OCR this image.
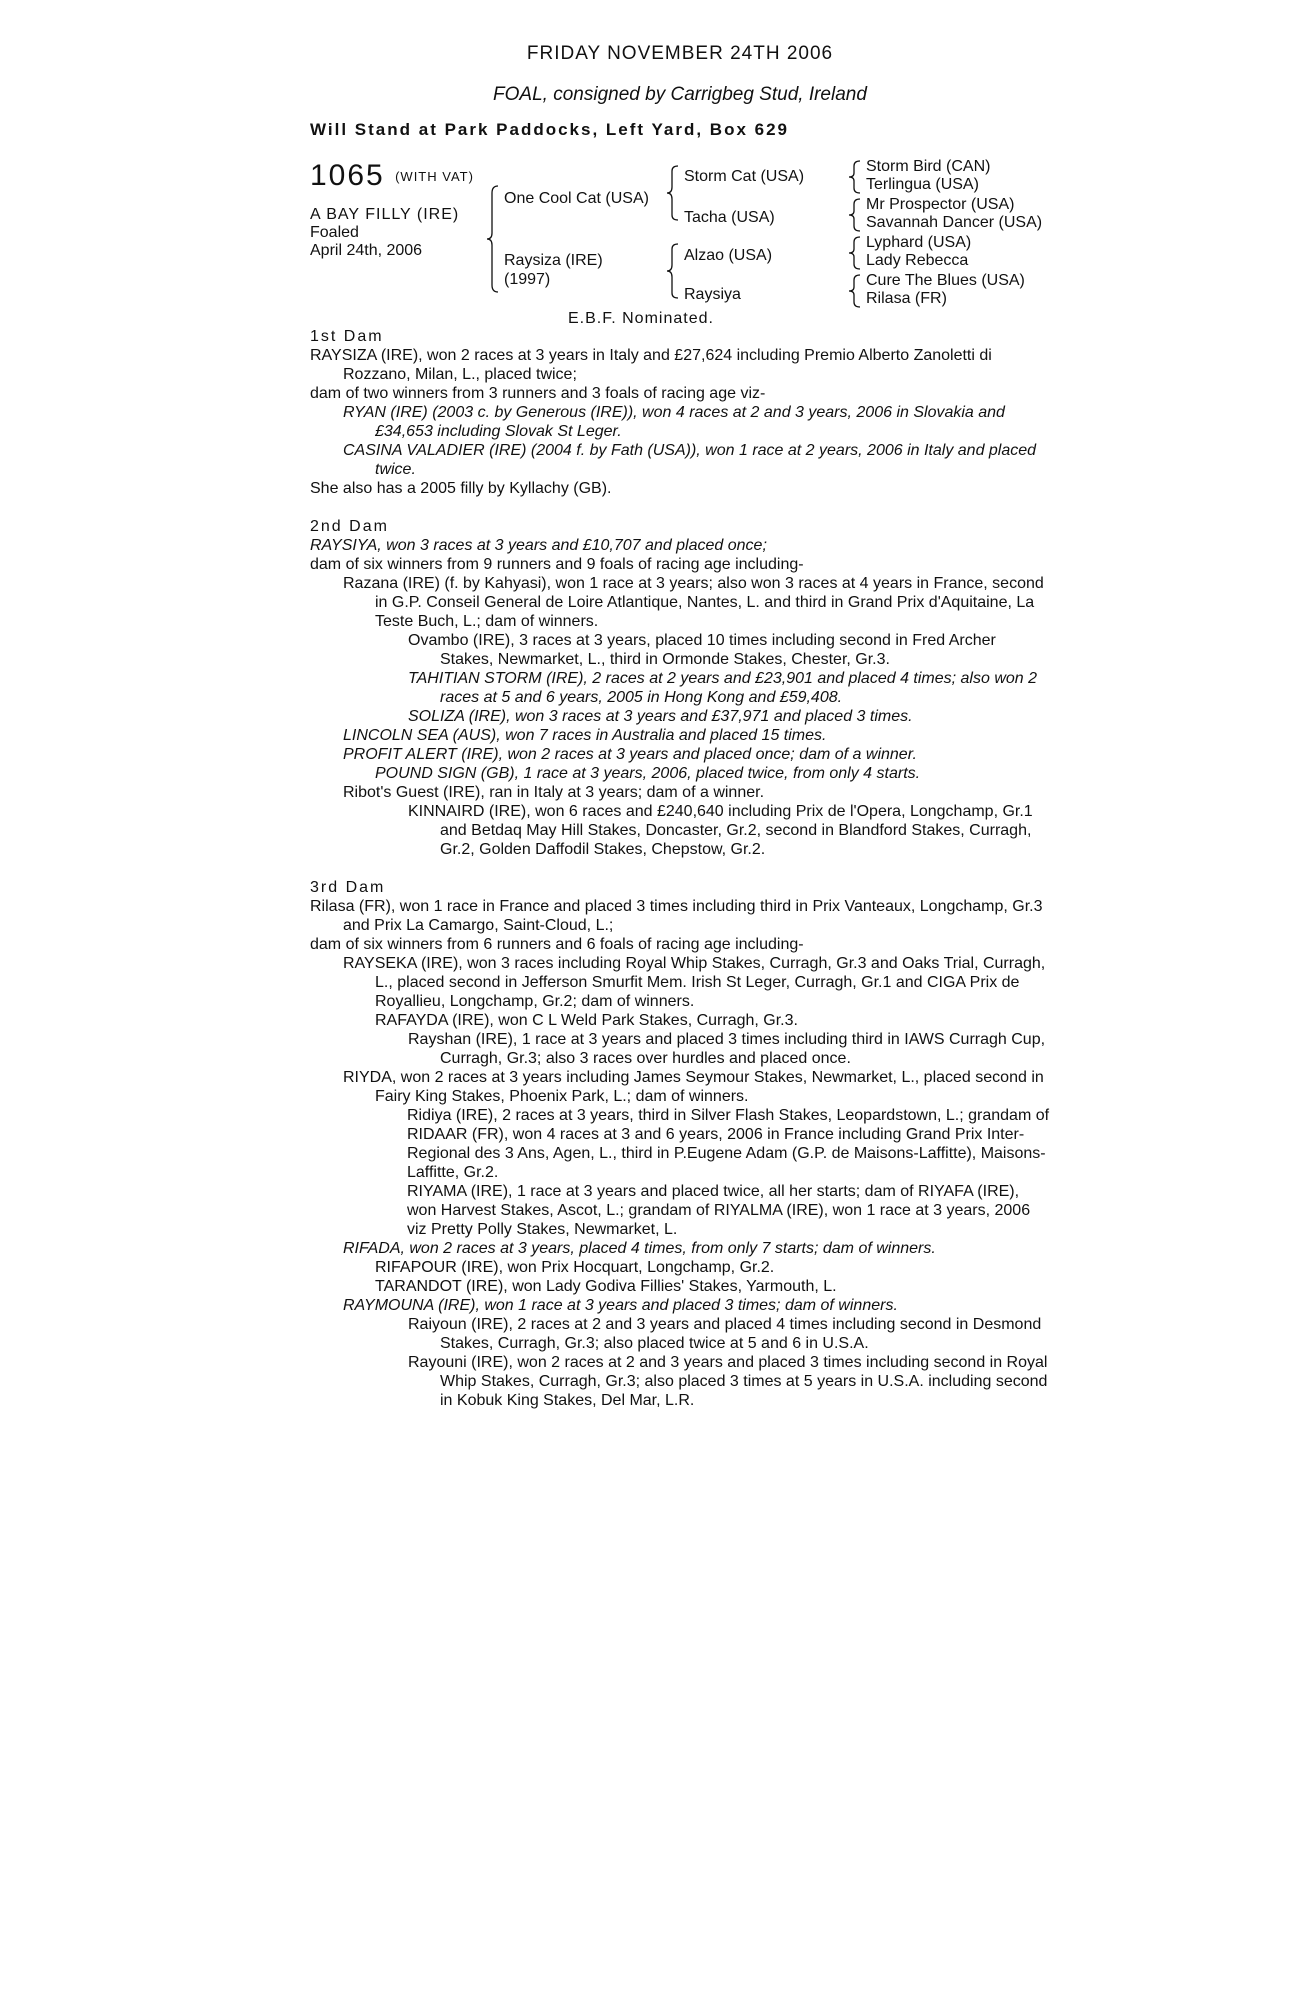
FRIDAY NOVEMBER 24TH 2006
FOAL, consigned by Carrigbeg Stud, Ireland
Will Stand at Park Paddocks, Left Yard, Box 629
1065 (WITH VAT)
A BAY FILLY (IRE)
Foaled
April 24th, 2006
One Cool Cat (USA)
Raysiza (IRE)
(1997)
Storm Cat (USA)
Tacha (USA)
Alzao (USA)
Raysiya
Storm Bird (CAN)
Terlingua (USA)
Mr Prospector (USA)
Savannah Dancer (USA)
Lyphard (USA)
Lady Rebecca
Cure The Blues (USA)
Rilasa (FR)
E.B.F. Nominated.
1st Dam

RAYSIZA (IRE), won 2 races at 3 years in Italy and £27,624 including Premio Alberto Zanoletti di Rozzano, Milan, L., placed twice;

dam of two winners from 3 runners and 3 foals of racing age viz-

RYAN (IRE) (2003 c. by Generous (IRE)), won 4 races at 2 and 3 years, 2006 in Slovakia and £34,653 including Slovak St Leger.

CASINA VALADIER (IRE) (2004 f. by Fath (USA)), won 1 race at 2 years, 2006 in Italy and placed twice.

She also has a 2005 filly by Kyllachy (GB).

2nd Dam

RAYSIYA, won 3 races at 3 years and £10,707 and placed once;

dam of six winners from 9 runners and 9 foals of racing age including-

Razana (IRE) (f. by Kahyasi), won 1 race at 3 years; also won 3 races at 4 years in France, second in G.P. Conseil General de Loire Atlantique, Nantes, L. and third in Grand Prix d'Aquitaine, La Teste Buch, L.; dam of winners.

Ovambo (IRE), 3 races at 3 years, placed 10 times including second in Fred Archer Stakes, Newmarket, L., third in Ormonde Stakes, Chester, Gr.3.

TAHITIAN STORM (IRE), 2 races at 2 years and £23,901 and placed 4 times; also won 2 races at 5 and 6 years, 2005 in Hong Kong and £59,408.

SOLIZA (IRE), won 3 races at 3 years and £37,971 and placed 3 times.

LINCOLN SEA (AUS), won 7 races in Australia and placed 15 times.

PROFIT ALERT (IRE), won 2 races at 3 years and placed once; dam of a winner.

POUND SIGN (GB), 1 race at 3 years, 2006, placed twice, from only 4 starts.

Ribot's Guest (IRE), ran in Italy at 3 years; dam of a winner.

KINNAIRD (IRE), won 6 races and £240,640 including Prix de l'Opera, Longchamp, Gr.1 and Betdaq May Hill Stakes, Doncaster, Gr.2, second in Blandford Stakes, Curragh, Gr.2, Golden Daffodil Stakes, Chepstow, Gr.2.

3rd Dam

Rilasa (FR), won 1 race in France and placed 3 times including third in Prix Vanteaux, Longchamp, Gr.3 and Prix La Camargo, Saint-Cloud, L.;

dam of six winners from 6 runners and 6 foals of racing age including-

RAYSEKA (IRE), won 3 races including Royal Whip Stakes, Curragh, Gr.3 and Oaks Trial, Curragh, L., placed second in Jefferson Smurfit Mem. Irish St Leger, Curragh, Gr.1 and CIGA Prix de Royallieu, Longchamp, Gr.2; dam of winners.

RAFAYDA (IRE), won C L Weld Park Stakes, Curragh, Gr.3.

Rayshan (IRE), 1 race at 3 years and placed 3 times including third in IAWS Curragh Cup, Curragh, Gr.3; also 3 races over hurdles and placed once.

RIYDA, won 2 races at 3 years including James Seymour Stakes, Newmarket, L., placed second in Fairy King Stakes, Phoenix Park, L.; dam of winners.

Ridiya (IRE), 2 races at 3 years, third in Silver Flash Stakes, Leopardstown, L.; grandam of RIDAAR (FR), won 4 races at 3 and 6 years, 2006 in France including Grand Prix Inter-Regional des 3 Ans, Agen, L., third in P.Eugene Adam (G.P. de Maisons-Laffitte), Maisons-Laffitte, Gr.2.

RIYAMA (IRE), 1 race at 3 years and placed twice, all her starts; dam of RIYAFA (IRE), won Harvest Stakes, Ascot, L.; grandam of RIYALMA (IRE), won 1 race at 3 years, 2006 viz Pretty Polly Stakes, Newmarket, L.

RIFADA, won 2 races at 3 years, placed 4 times, from only 7 starts; dam of winners.

RIFAPOUR (IRE), won Prix Hocquart, Longchamp, Gr.2.

TARANDOT (IRE), won Lady Godiva Fillies' Stakes, Yarmouth, L.

RAYMOUNA (IRE), won 1 race at 3 years and placed 3 times; dam of winners.

Raiyoun (IRE), 2 races at 2 and 3 years and placed 4 times including second in Desmond Stakes, Curragh, Gr.3; also placed twice at 5 and 6 in U.S.A.

Rayouni (IRE), won 2 races at 2 and 3 years and placed 3 times including second in Royal Whip Stakes, Curragh, Gr.3; also placed 3 times at 5 years in U.S.A. including second in Kobuk King Stakes, Del Mar, L.R.
